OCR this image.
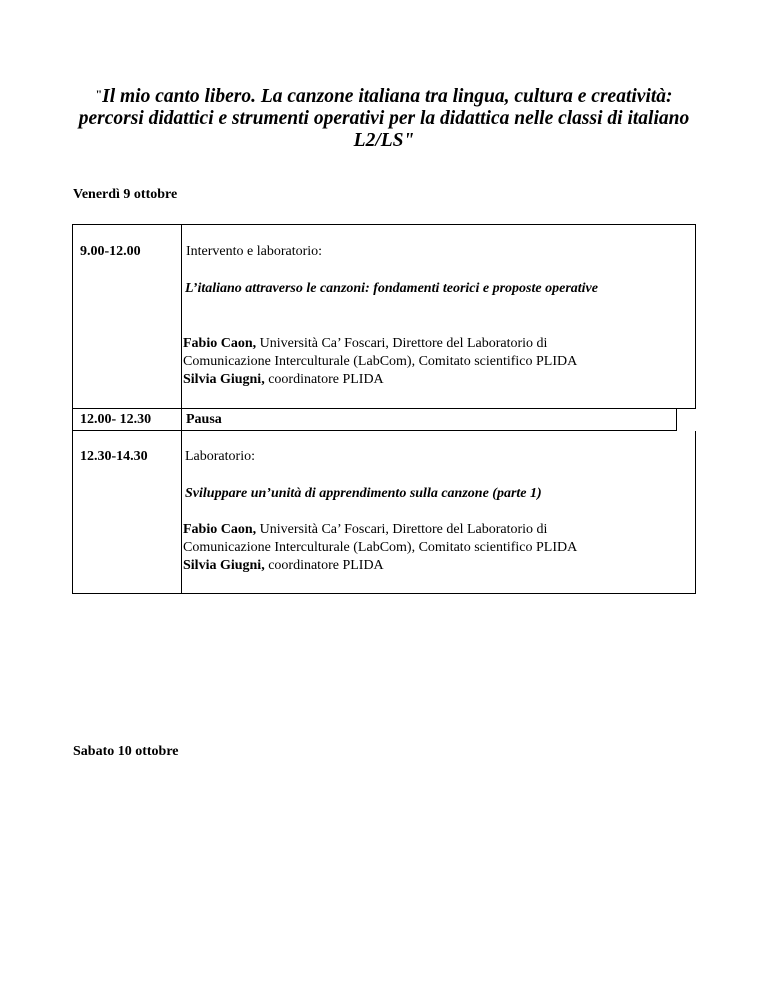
"Il mio canto libero. La canzone italiana tra lingua, cultura e creatività: percorsi didattici e strumenti operativi per la didattica nelle classi di italiano L2/LS"
Venerdì 9 ottobre
9.00-12.00	Intervento e laboratorio:
L’italiano attraverso le canzoni: fondamenti teorici e proposte operative
Fabio Caon, Università Ca’ Foscari, Direttore del Laboratorio di
Comunicazione Interculturale (LabCom), Comitato scientifico PLIDA
Silvia Giugni, coordinatore PLIDA
12.00- 12.30 Pausa
12.30-14.30	Laboratorio:
Sviluppare un’unità di apprendimento sulla canzone (parte 1)
Fabio Caon, Università Ca’ Foscari, Direttore del Laboratorio di
Comunicazione Interculturale (LabCom), Comitato scientifico PLIDA
Silvia Giugni, coordinatore PLIDA
Sabato 10 ottobre
